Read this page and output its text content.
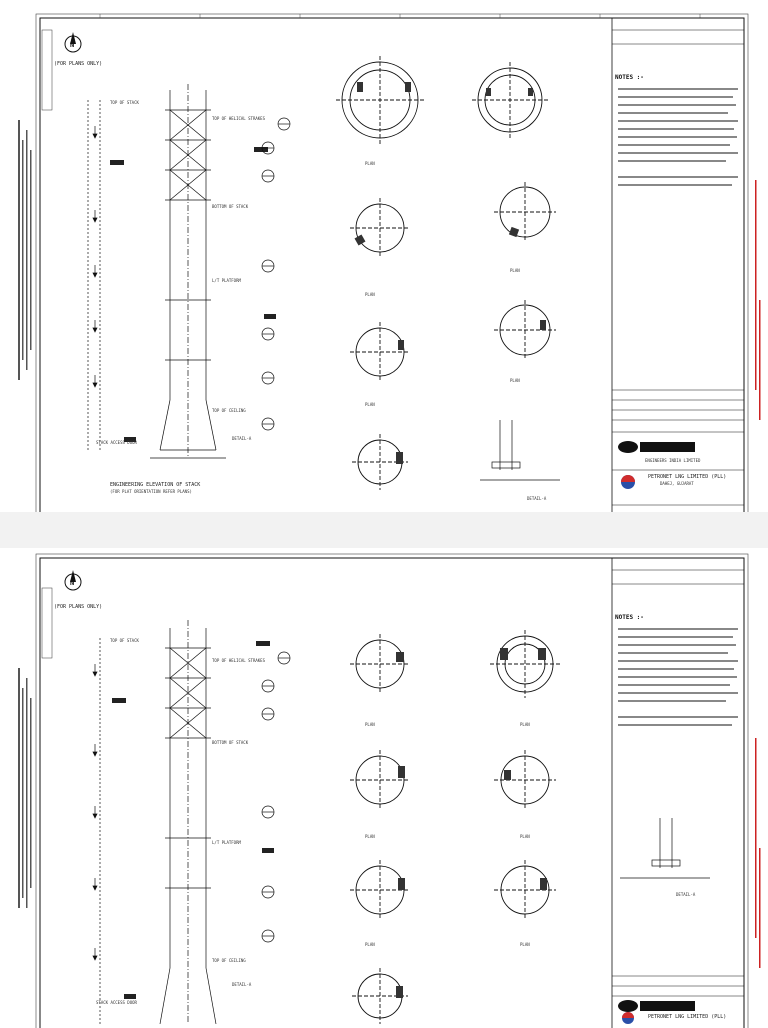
N
(FOR PLANS ONLY)
TOP OF STACK
TOP OF HELICAL STRAKES
BOTTOM OF STACK
L/T PLATFORM
TOP OF CEILING
STACK ACCESS DOOR
DETAIL-A
ENGINEERING ELEVATION OF STACK
(FOR PLAT ORIENTATION REFER PLANS)
PLAN
PLAN
PLAN
PLAN
PLAN
DETAIL-A
NOTES :-
ENGINEERS INDIA LIMITED
PETRONET LNG LIMITED (PLL)
DAHEJ, GUJARAT
N
(FOR PLANS ONLY)
TOP OF STACK
TOP OF HELICAL STRAKES
BOTTOM OF STACK
L/T PLATFORM
TOP OF CEILING
STACK ACCESS DOOR
DETAIL-A
PLAN
PLAN
PLAN
PLAN
PLAN
PLAN
DETAIL-A
NOTES :-
PETRONET LNG LIMITED (PLL)
